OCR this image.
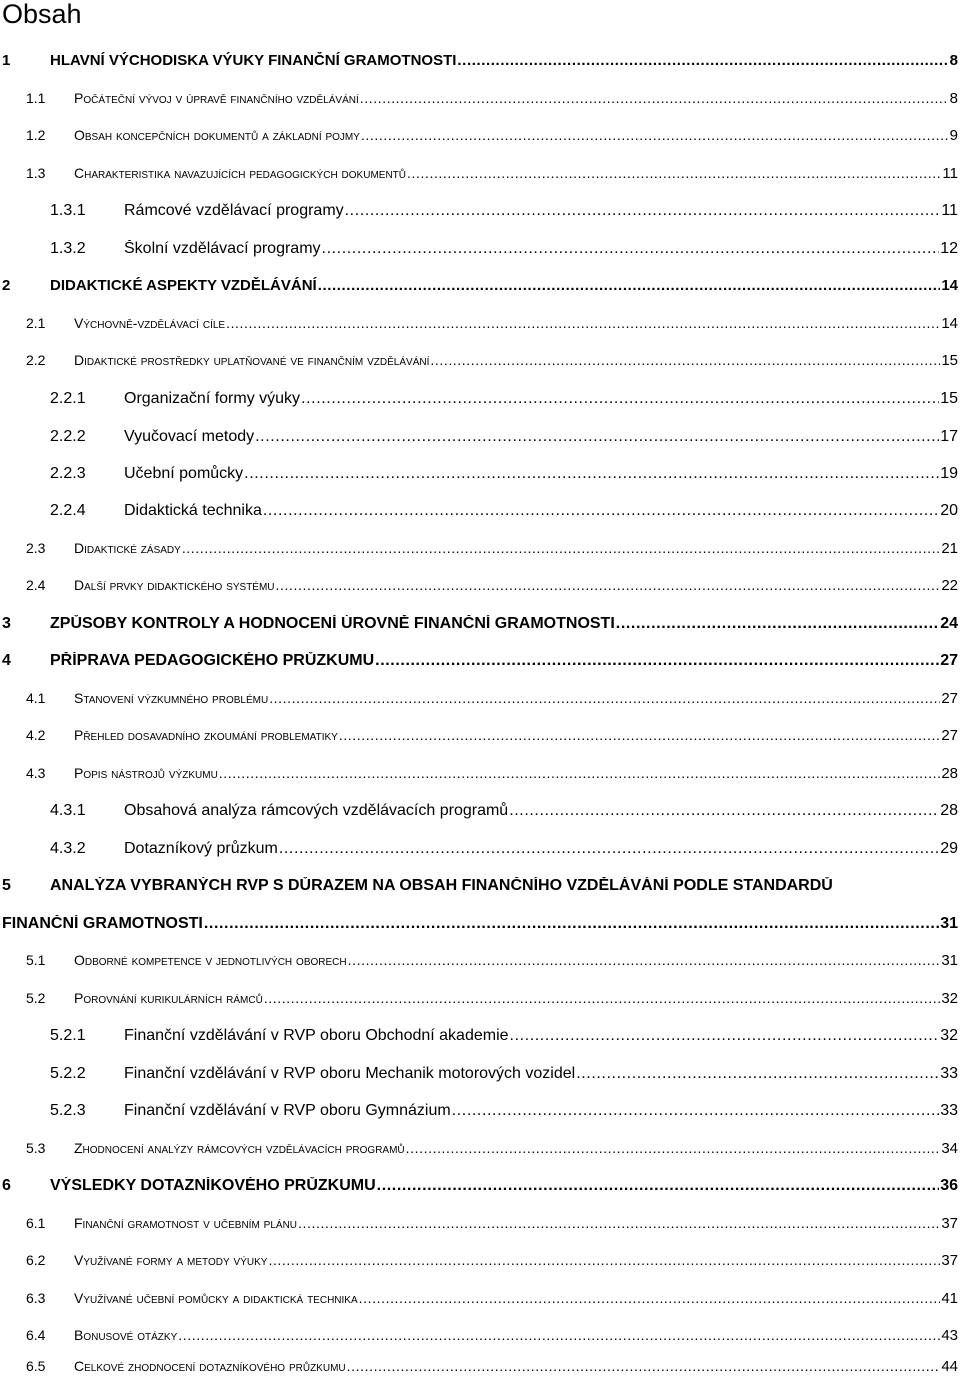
Obsah
1	HLAVNÍ VÝCHODISKA VÝUKY FINANČNÍ GRAMOTNOSTI .....	8
1.1	Počáteční vývoj v úpravě finančního vzdělávání .....	8
1.2	Obsah koncepčních dokumentů a základní pojmy .....	9
1.3	Charakteristika navazujících pedagogických dokumentů .....	11
1.3.1	Rámcové vzdělávací programy .....	11
1.3.2	Školní vzdělávací programy .....	12
2	DIDAKTICKÉ ASPEKTY VZDĚLÁVÁNÍ .....	14
2.1	Výchovně-vzdělávací cíle .....	14
2.2	Didaktické prostředky uplatňované ve finančním vzdělávání .....	15
2.2.1	Organizační formy výuky .....	15
2.2.2	Vyučovací metody .....	17
2.2.3	Učební pomůcky .....	19
2.2.4	Didaktická technika .....	20
2.3	Didaktické zásady .....	21
2.4	Další prvky didaktického systému .....	22
3	ZPŮSOBY KONTROLY A HODNOCENÍ ÚROVNĚ FINANČNÍ GRAMOTNOSTI .....	24
4	PŘÍPRAVA PEDAGOGICKÉHO PRŮZKUMU .....	27
4.1	Stanovení výzkumného problému .....	27
4.2	Přehled dosavadního zkoumání problematiky .....	27
4.3	Popis nástrojů výzkumu .....	28
4.3.1	Obsahová analýza rámcových vzdělávacích programů .....	28
4.3.2	Dotazníkový průzkum .....	29
5	ANALÝZA VYBRANÝCH RVP S DŮRAZEM NA OBSAH FINANČNÍHO VZDĚLÁVÁNÍ PODLE STANDARDŮ
FINANČNÍ GRAMOTNOSTI .....	31
5.1	Odborné kompetence v jednotlivých oborech .....	31
5.2	Porovnání kurikulárních rámců .....	32
5.2.1	Finanční vzdělávání v RVP oboru Obchodní akademie .....	32
5.2.2	Finanční vzdělávání v RVP oboru Mechanik motorových vozidel .....	33
5.2.3	Finanční vzdělávání v RVP oboru Gymnázium .....	33
5.3	Zhodnocení analýzy rámcových vzdělávacích programů .....	34
6	VÝSLEDKY DOTAZNÍKOVÉHO PRŮZKUMU .....	36
6.1	Finanční gramotnost v učebním plánu .....	37
6.2	Využívané formy a metody výuky .....	37
6.3	Využívané učební pomůcky a didaktická technika .....	41
6.4	Bonusové otázky .....	43
6.5	Celkové zhodnocení dotazníkového průzkumu .....	44
